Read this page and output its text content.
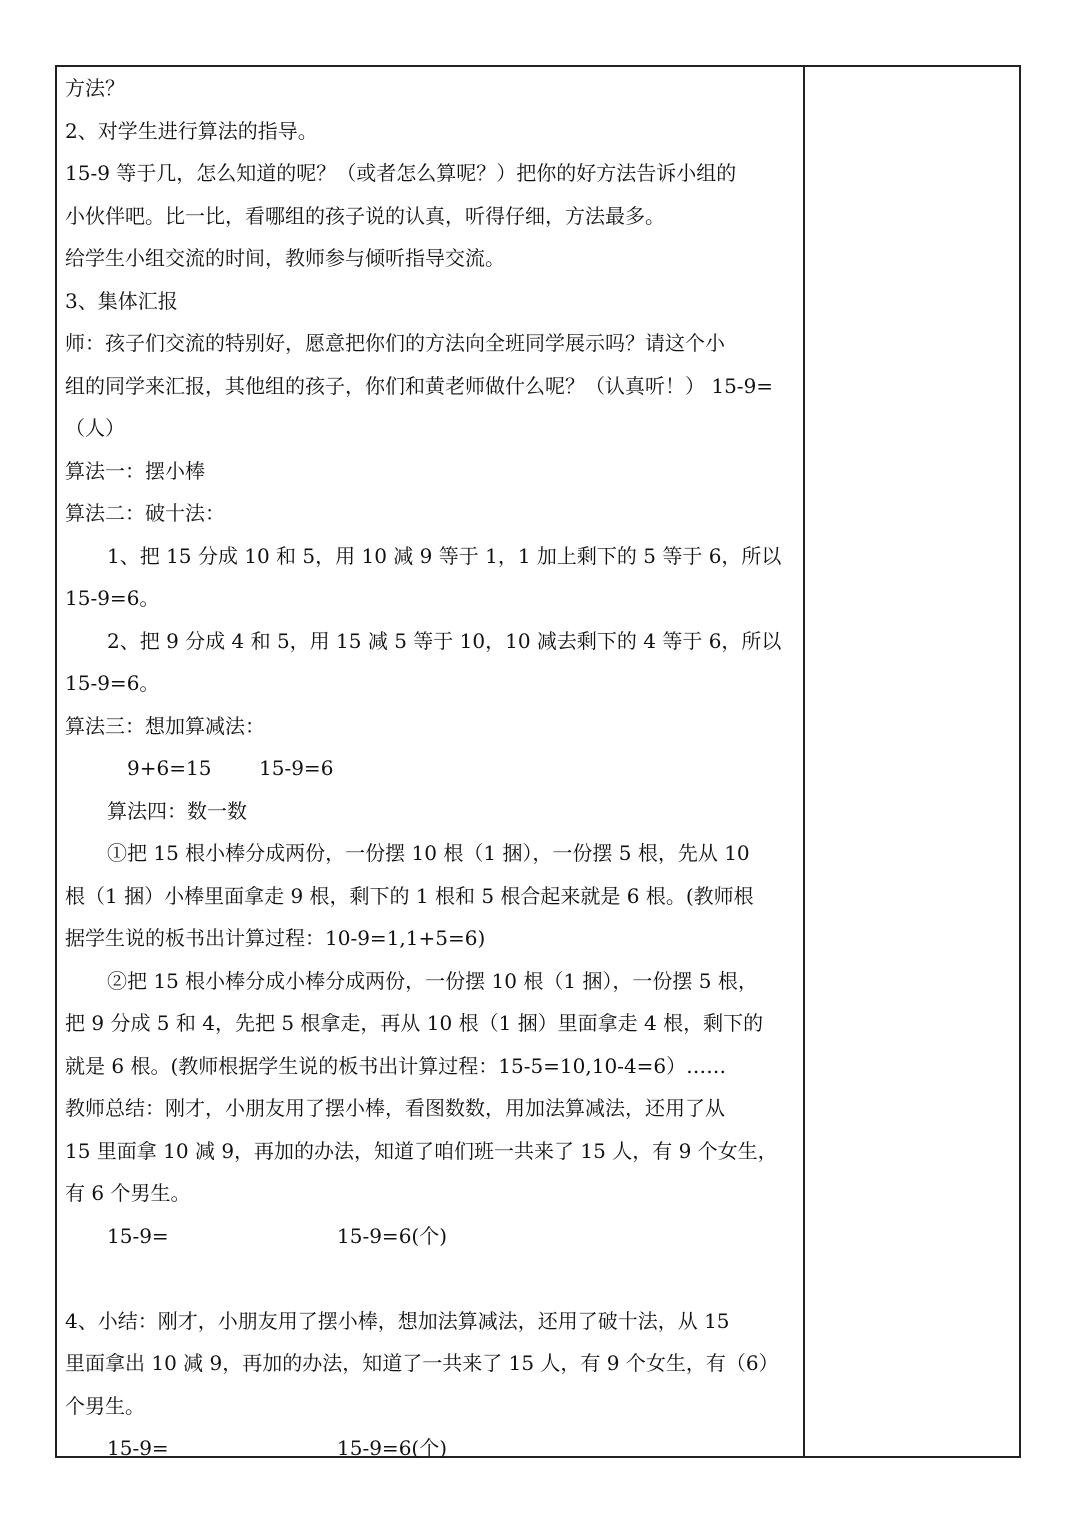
方法？
2、对学生进行算法的指导。
15-9 等于几，怎么知道的呢？（或者怎么算呢？）把你的好方法告诉小组的
小伙伴吧。比一比，看哪组的孩子说的认真，听得仔细，方法最多。
给学生小组交流的时间，教师参与倾听指导交流。
3、集体汇报
师：孩子们交流的特别好，愿意把你们的方法向全班同学展示吗？请这个小
组的同学来汇报，其他组的孩子，你们和黄老师做什么呢？（认真听！） 15-9=
（人）
算法一：摆小棒
算法二：破十法：
1、把 15 分成 10 和 5，用 10 减 9 等于 1，1 加上剩下的 5 等于 6，所以
15-9=6。
2、把 9 分成 4 和 5，用 15 减 5 等于 10，10 减去剩下的 4 等于 6，所以
15-9=6。
算法三：想加算减法：
9+6=15 15-9=6
算法四：数一数
①把 15 根小棒分成两份，一份摆 10 根（1 捆），一份摆 5 根，先从 10
根（1 捆）小棒里面拿走 9 根，剩下的 1 根和 5 根合起来就是 6 根。(教师根
据学生说的板书出计算过程：10-9=1,1+5=6)
②把 15 根小棒分成小棒分成两份，一份摆 10 根（1 捆），一份摆 5 根，
把 9 分成 5 和 4，先把 5 根拿走，再从 10 根（1 捆）里面拿走 4 根，剩下的
就是 6 根。(教师根据学生说的板书出计算过程：15-5=10,10-4=6）……
教师总结：刚才，小朋友用了摆小棒，看图数数，用加法算减法，还用了从
15 里面拿 10 减 9，再加的办法，知道了咱们班一共来了 15 人，有 9 个女生，
有 6 个男生。
15-9=	15-9=6(个)
4、小结：刚才，小朋友用了摆小棒，想加法算减法，还用了破十法，从 15
里面拿出 10 减 9，再加的办法，知道了一共来了 15 人，有 9 个女生，有（6）
个男生。
15-9=	15-9=6(个)
